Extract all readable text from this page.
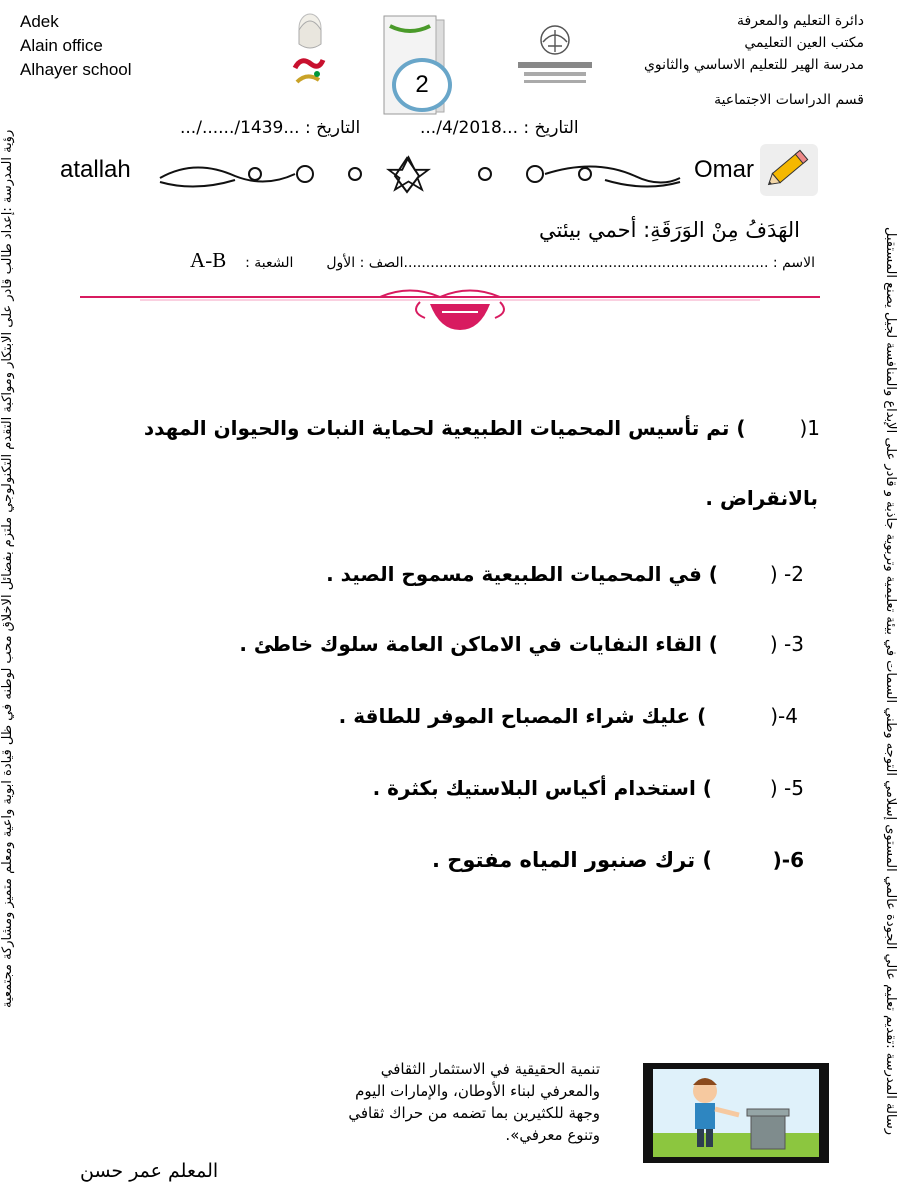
Adek
Alain office
Alhayer school
دائرة التعليم والمعرفة
مكتب العين التعليمي
مدرسة الهير للتعليم الاساسي والثانوي
قسم الدراسات الاجتماعية
2
التاريخ : ...1439/....../...	التاريخ : ...4/2018/...
atallah	Omar
الهَدَفُ مِنْ الوَرَقَةِ: أحمي بيئتي
الاسم : ..................................................................................الصف : الأول  الشعبة :  A-B
1(  ) تم تأسيس المحميات الطبيعية لحماية النبات والحيوان المهدد
بالانقراض .
2- (  ) في المحميات الطبيعية مسموح الصيد .
3- (  ) القاء النفايات في الاماكن العامة سلوك خاطئ .
4-(  ) عليك شراء المصباح الموفر للطاقة .
5- (  ) استخدام أكياس البلاستيك بكثرة .
6-(  ) ترك صنبور المياه مفتوح .
رؤية المدرسة :إعداد طالب قادر على الابتكار ومواكبة التقدم التكنولوجي ملتزم بفضائل الاخلاق محب لوطنه في ظل قيادة ابوية واعية ومعلم متميز ومشاركة مجتمعية	رسالة المدرسة :تقديم تعليم عالي الجودة عالمي المستوى إسلامي التوجه وطني السمات في بيئة تعليمية وتربوية جاذبة و قادر على الإبداع والمنافسة لجيل يصنع المستقبل
تنمية الحقيقية في الاستثمار الثقافي والمعرفي لبناء الأوطان، والإمارات اليوم وجهة للكثيرين بما تضمه من حراك ثقافي وتنوع معرفي».
المعلم عمر حسن
